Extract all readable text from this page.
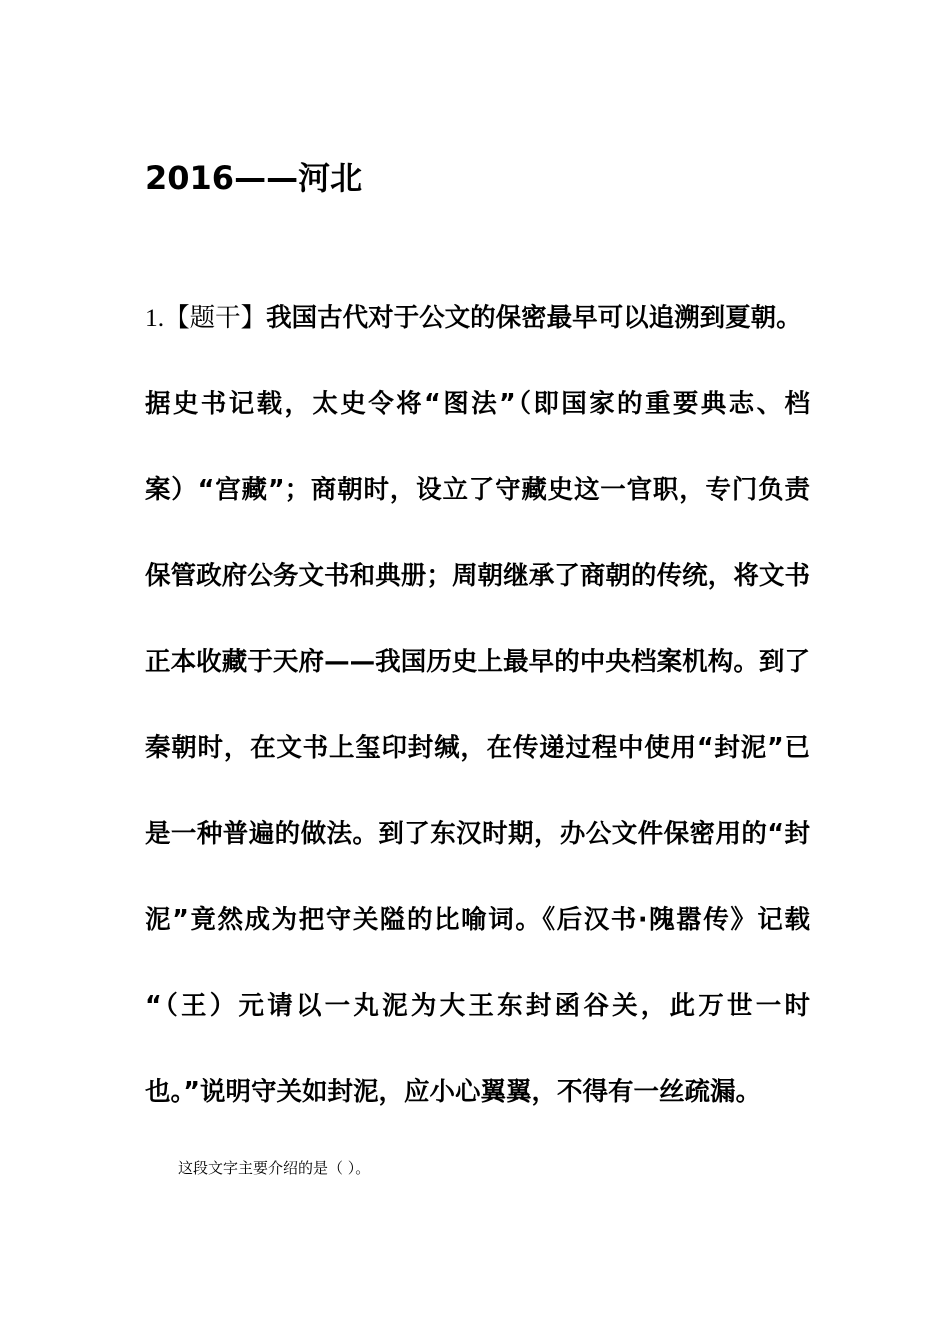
2016——河北
1.【题干】我国古代对于公文的保密最早可以追溯到夏朝。
据史书记载，太史令将“图法”（即国家的重要典志、档
案）“宫藏”；商朝时，设立了守藏史这一官职，专门负责
保管政府公务文书和典册；周朝继承了商朝的传统，将文书
正本收藏于天府——我国历史上最早的中央档案机构。到了
秦朝时，在文书上玺印封缄，在传递过程中使用“封泥”已
是一种普遍的做法。到了东汉时期，办公文件保密用的“封
泥”竟然成为把守关隘的比喻词。《后汉书·隗嚣传》记载
“（王）元请以一丸泥为大王东封函谷关，此万世一时
也。”说明守关如封泥，应小心翼翼，不得有一丝疏漏。
这段文字主要介绍的是（ ）。
